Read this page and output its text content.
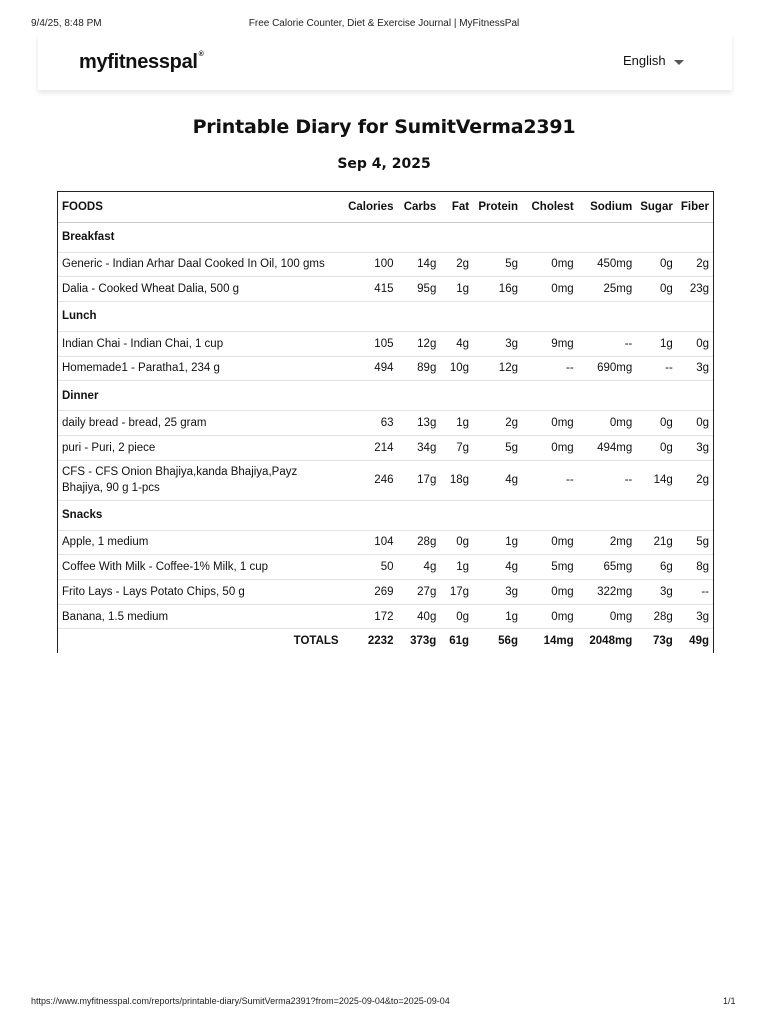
9/4/25, 8:48 PM	Free Calorie Counter, Diet & Exercise Journal | MyFitnessPal
myfitnesspal®	English
Printable Diary for SumitVerma2391
Sep 4, 2025
FOODS	Calories	Carbs	Fat	Protein	Cholest	Sodium	Sugar	Fiber
Breakfast								
Generic - Indian Arhar Daal Cooked In Oil, 100 gms	100	14g	2g	5g	0mg	450mg	0g	2g
Dalia - Cooked Wheat Dalia, 500 g	415	95g	1g	16g	0mg	25mg	0g	23g
Lunch								
Indian Chai - Indian Chai, 1 cup	105	12g	4g	3g	9mg	--	1g	0g
Homemade1 - Paratha1, 234 g	494	89g	10g	12g	--	690mg	--	3g
Dinner								
daily bread - bread, 25 gram	63	13g	1g	2g	0mg	0mg	0g	0g
puri - Puri, 2 piece	214	34g	7g	5g	0mg	494mg	0g	3g
CFS - CFS Onion Bhajiya,kanda Bhajiya,Payz Bhajiya, 90 g 1-pcs	246	17g	18g	4g	--	--	14g	2g
Snacks								
Apple, 1 medium	104	28g	0g	1g	0mg	2mg	21g	5g
Coffee With Milk - Coffee-1% Milk, 1 cup	50	4g	1g	4g	5mg	65mg	6g	8g
Frito Lays - Lays Potato Chips, 50 g	269	27g	17g	3g	0mg	322mg	3g	--
Banana, 1.5 medium	172	40g	0g	1g	0mg	0mg	28g	3g
TOTALS	2232	373g	61g	56g	14mg	2048mg	73g	49g
https://www.myfitnesspal.com/reports/printable-diary/SumitVerma2391?from=2025-09-04&to=2025-09-04	1/1
